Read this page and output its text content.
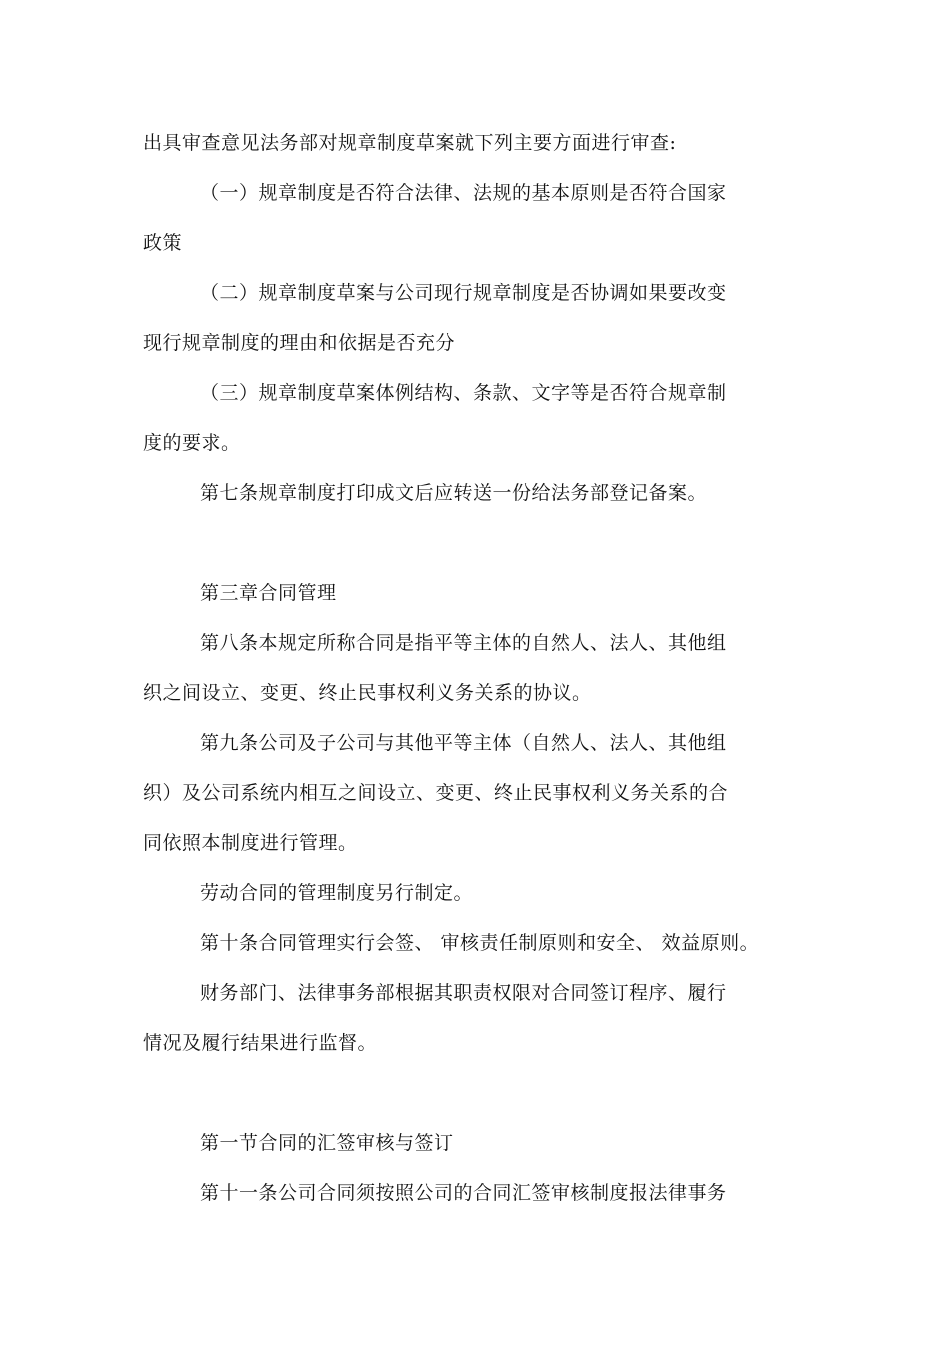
出具审查意见法务部对规章制度草案就下列主要方面进行审查:
（一）规章制度是否符合法律、法规的基本原则是否符合国家
政策
（二）规章制度草案与公司现行规章制度是否协调如果要改变
现行规章制度的理由和依据是否充分
（三）规章制度草案体例结构、条款、文字等是否符合规章制
度的要求。
第七条规章制度打印成文后应转送一份给法务部登记备案。
第三章合同管理
第八条本规定所称合同是指平等主体的自然人、法人、其他组
织之间设立、变更、终止民事权利义务关系的协议。
第九条公司及子公司与其他平等主体（自然人、法人、其他组
织）及公司系统内相互之间设立、变更、终止民事权利义务关系的合
同依照本制度进行管理。
劳动合同的管理制度另行制定。
第十条合同管理实行会签、 审核责任制原则和安全、 效益原则。
财务部门、法律事务部根据其职责权限对合同签订程序、履行
情况及履行结果进行监督。
第一节合同的汇签审核与签订
第十一条公司合同须按照公司的合同汇签审核制度报法律事务
